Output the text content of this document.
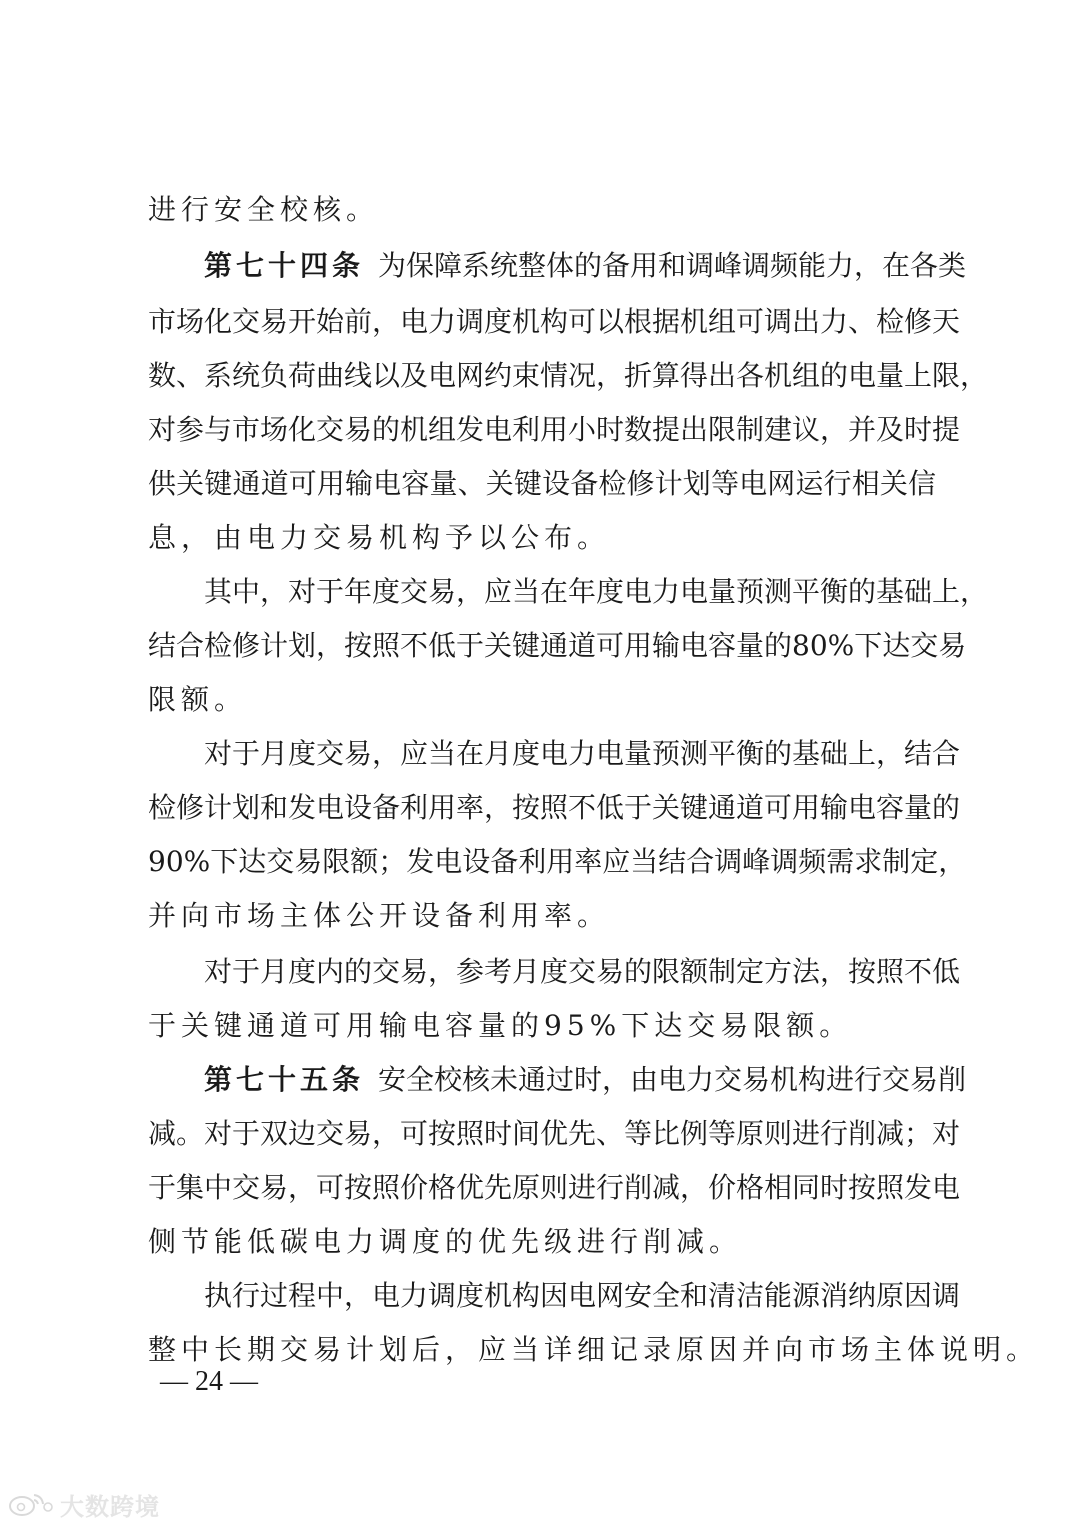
进行安全校核。
第七十四条 为保障系统整体的备用和调峰调频能力，在各类
市场化交易开始前，电力调度机构可以根据机组可调出力、检修天
数、系统负荷曲线以及电网约束情况，折算得出各机组的电量上限，
对参与市场化交易的机组发电利用小时数提出限制建议，并及时提
供关键通道可用输电容量、关键设备检修计划等电网运行相关信
息，由电力交易机构予以公布。
其中，对于年度交易，应当在年度电力电量预测平衡的基础上，
结合检修计划，按照不低于关键通道可用输电容量的80%下达交易
限额。
对于月度交易，应当在月度电力电量预测平衡的基础上，结合
检修计划和发电设备利用率，按照不低于关键通道可用输电容量的
90%下达交易限额；发电设备利用率应当结合调峰调频需求制定，
并向市场主体公开设备利用率。
对于月度内的交易，参考月度交易的限额制定方法，按照不低
于关键通道可用输电容量的95%下达交易限额。
第七十五条 安全校核未通过时，由电力交易机构进行交易削
减。对于双边交易，可按照时间优先、等比例等原则进行削减；对
于集中交易，可按照价格优先原则进行削减，价格相同时按照发电
侧节能低碳电力调度的优先级进行削减。
执行过程中，电力调度机构因电网安全和清洁能源消纳原因调
整中长期交易计划后，应当详细记录原因并向市场主体说明。
— 24 —
大数跨境
